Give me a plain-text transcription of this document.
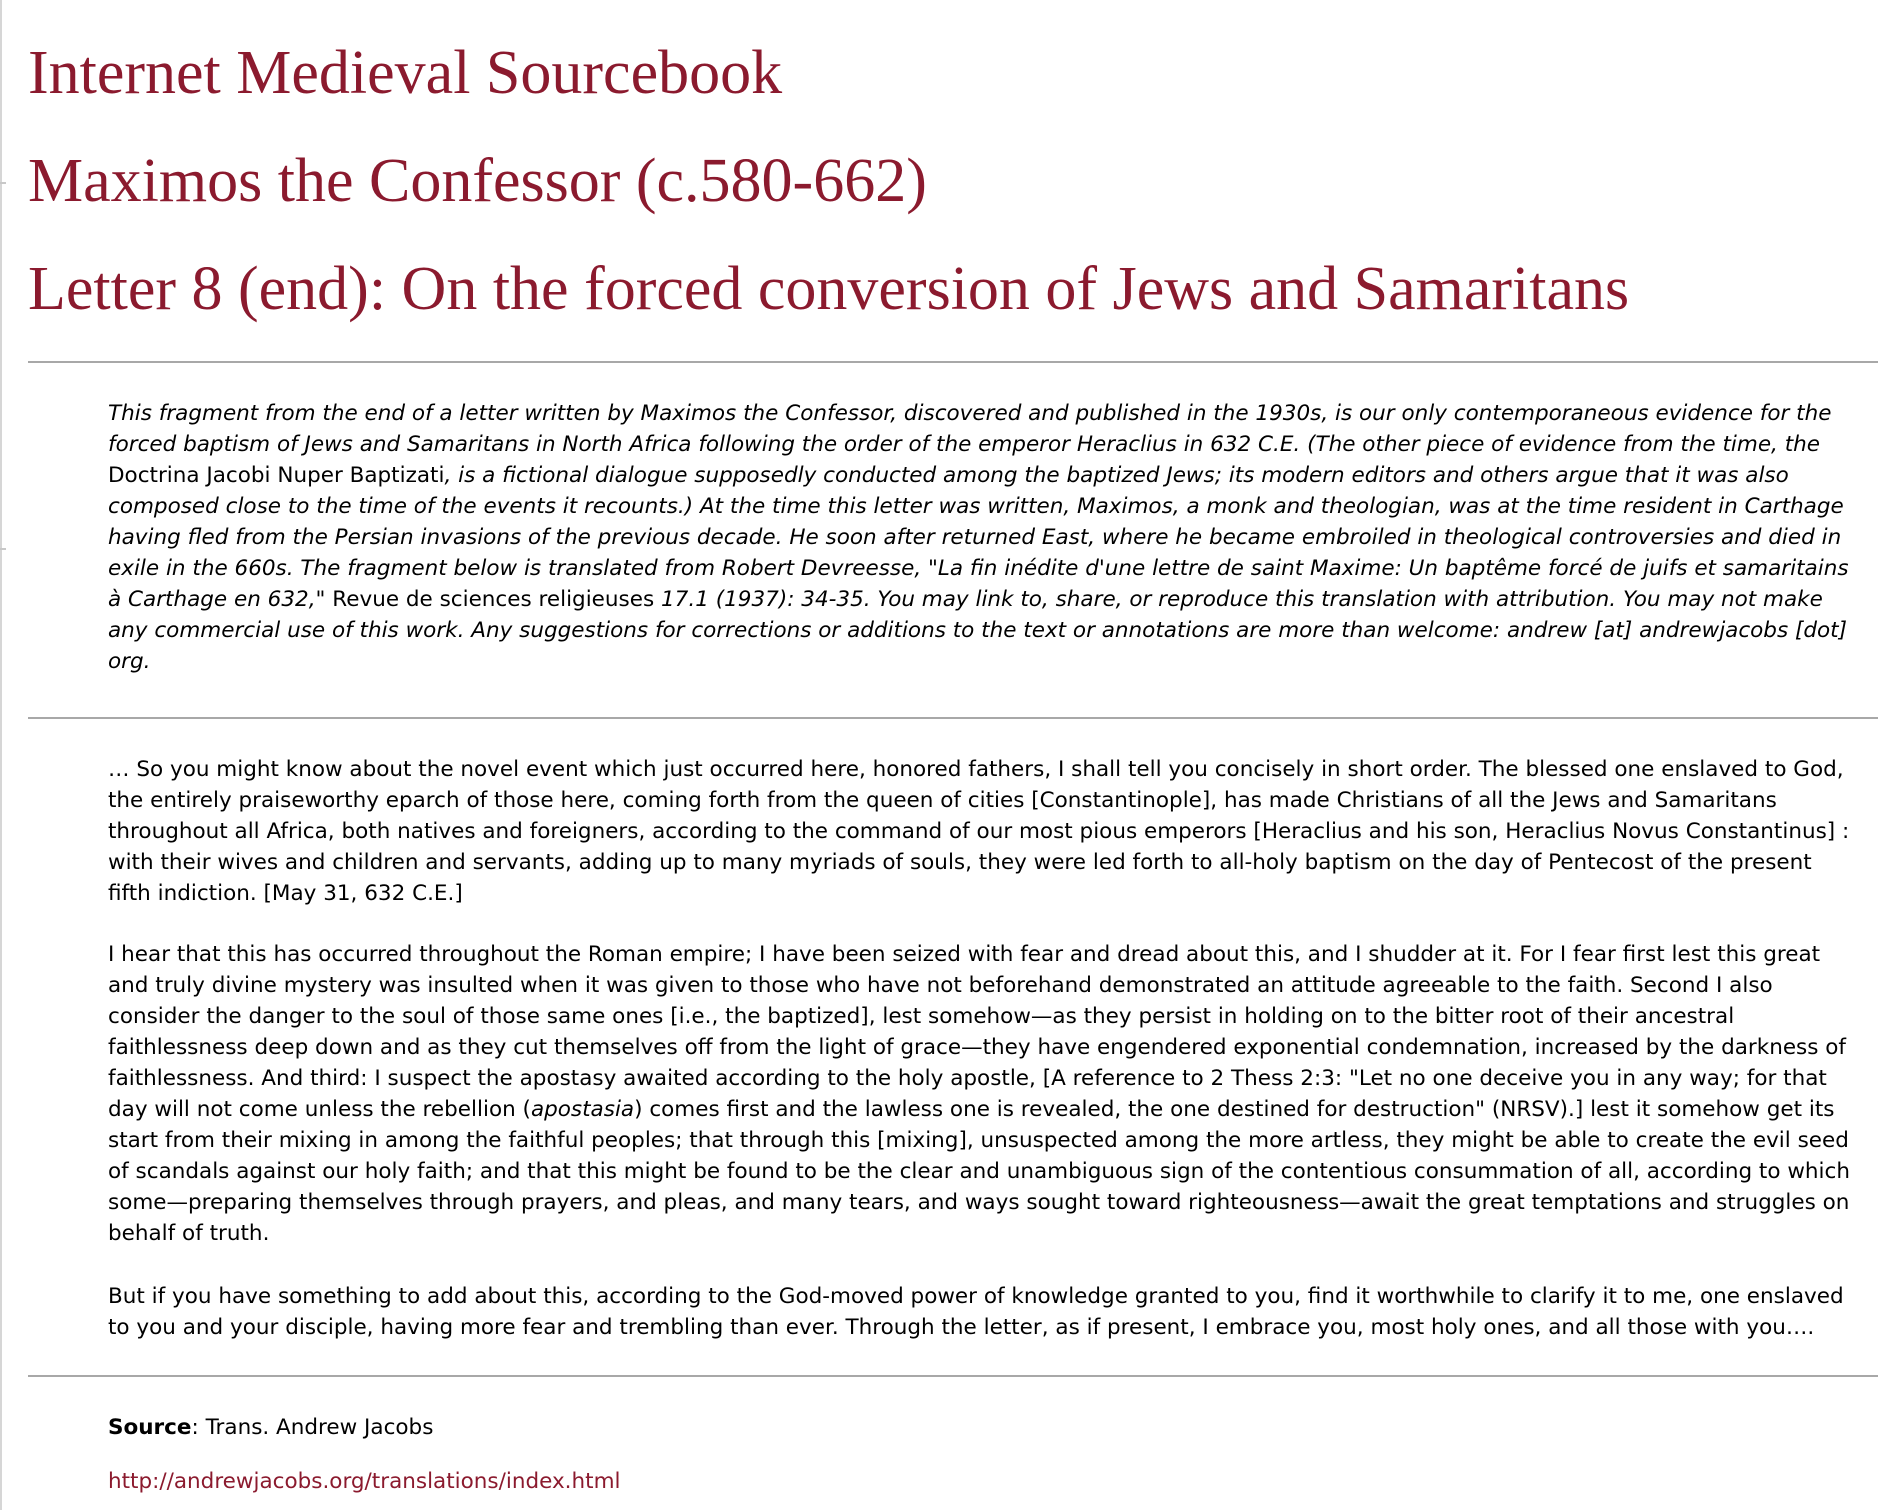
Internet Medieval Sourcebook
Maximos the Confessor (c.580-662)
Letter 8 (end): On the forced conversion of Jews and Samaritans

This fragment from the end of a letter written by Maximos the Confessor, discovered and published in the 1930s, is our only contemporaneous evidence for the forced baptism of Jews and Samaritans in North Africa following the order of the emperor Heraclius in 632 C.E. (The other piece of evidence from the time, the Doctrina Jacobi Nuper Baptizati, is a fictional dialogue supposedly conducted among the baptized Jews; its modern editors and others argue that it was also composed close to the time of the events it recounts.) At the time this letter was written, Maximos, a monk and theologian, was at the time resident in Carthage having fled from the Persian invasions of the previous decade. He soon after returned East, where he became embroiled in theological controversies and died in exile in the 660s. The fragment below is translated from Robert Devreesse, "La fin inédite d'une lettre de saint Maxime: Un baptême forcé de juifs et samaritains à Carthage en 632," Revue de sciences religieuses 17.1 (1937): 34-35. You may link to, share, or reproduce this translation with attribution. You may not make any commercial use of this work. Any suggestions for corrections or additions to the text or annotations are more than welcome: andrew [at] andrewjacobs [dot] org.

… So you might know about the novel event which just occurred here, honored fathers, I shall tell you concisely in short order. The blessed one enslaved to God, the entirely praiseworthy eparch of those here, coming forth from the queen of cities [Constantinople], has made Christians of all the Jews and Samaritans throughout all Africa, both natives and foreigners, according to the command of our most pious emperors [Heraclius and his son, Heraclius Novus Constantinus] : with their wives and children and servants, adding up to many myriads of souls, they were led forth to all-holy baptism on the day of Pentecost of the present fifth indiction. [May 31, 632 C.E.]

I hear that this has occurred throughout the Roman empire; I have been seized with fear and dread about this, and I shudder at it. For I fear first lest this great and truly divine mystery was insulted when it was given to those who have not beforehand demonstrated an attitude agreeable to the faith. Second I also consider the danger to the soul of those same ones [i.e., the baptized], lest somehow—as they persist in holding on to the bitter root of their ancestral faithlessness deep down and as they cut themselves off from the light of grace—they have engendered exponential condemnation, increased by the darkness of faithlessness. And third: I suspect the apostasy awaited according to the holy apostle, [A reference to 2 Thess 2:3: "Let no one deceive you in any way; for that day will not come unless the rebellion (apostasia) comes first and the lawless one is revealed, the one destined for destruction" (NRSV).] lest it somehow get its start from their mixing in among the faithful peoples; that through this [mixing], unsuspected among the more artless, they might be able to create the evil seed of scandals against our holy faith; and that this might be found to be the clear and unambiguous sign of the contentious consummation of all, according to which some—preparing themselves through prayers, and pleas, and many tears, and ways sought toward righteousness—await the great temptations and struggles on behalf of truth.

But if you have something to add about this, according to the God-moved power of knowledge granted to you, find it worthwhile to clarify it to me, one enslaved to you and your disciple, having more fear and trembling than ever. Through the letter, as if present, I embrace you, most holy ones, and all those with you….

Source: Trans. Andrew Jacobs

http://andrewjacobs.org/translations/index.html
